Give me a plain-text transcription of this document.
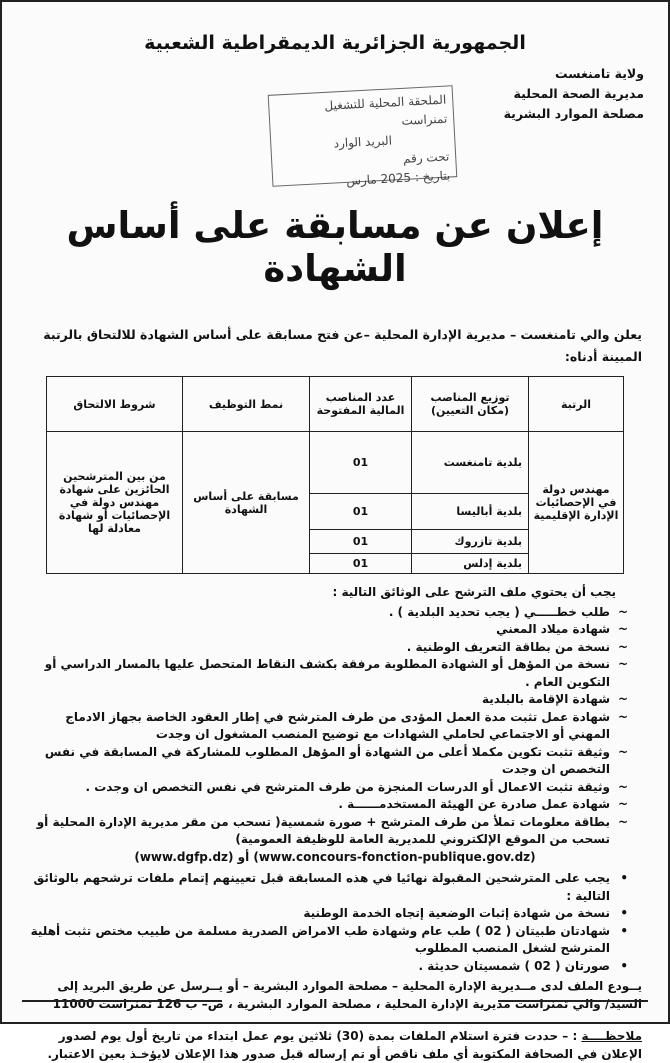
الجمهورية الجزائرية الديمقراطية الشعبية
ولاية تامنغست
مديرية الصحة المحلية
مصلحة الموارد البشرية
الملحقة المحلية للتشغيل تمنراست
البريد الوارد
تحت رقم
بتاريخ : 2025 مارس
إعلان عن مسابقة على أساس الشهادة
يعلن والي تامنغست – مديرية الإدارة المحلية –عن فتح مسابقة على أساس الشهادة للالتحاق بالرتبة المبينة أدناه:
الرتبة	توزيع المناصب (مكان التعيين)	عدد المناصب المالية المفتوحة	نمط التوظيف	شروط الالتحاق
مهندس دولة في الإحصائيات الإدارة الإقليمية	بلدية تامنغست	01	مسابقة على أساس الشهادة	من بين المترشحين الحائزين على شهادة مهندس دولة في الإحصائيات أو شهادة معادلة لها
	بلدية أباليسا	01		
	بلدية تازروك	01		
	بلدية إدلس	01		
يجب أن يحتوي ملف الترشح على الوثائق التالية :
~
طلب خطـــــي ( يجب تحديد البلدية ) .
~
شهادة ميلاد المعني
~
نسخة من بطاقة التعريف الوطنية .
~
نسخة من المؤهل أو الشهادة المطلوبة مرفقة بكشف النقاط المتحصل عليها بالمسار الدراسي أو التكوين العام .
~
شهادة الإقامة بالبلدية
~
شهادة عمل تثبت مدة العمل المؤدى من طرف المترشح في إطار العقود الخاصة بجهاز الادماج المهني أو الاجتماعي لحاملي الشهادات مع توضيح المنصب المشغول ان وجدت
~
وثيقة تثبت تكوين مكملا أعلى من الشهادة أو المؤهل المطلوب للمشاركة في المسابقة في نفس التخصص ان وجدت
~
وثيقة تثبت الاعمال أو الدرسات المنجزة من طرف المترشح في نفس التخصص ان وجدت .
~
شهادة عمل صادرة عن الهيئة المستخدمــــــة .
~
بطاقة معلومات تملأ من طرف المترشح + صورة شمسية( تسحب من مقر مديرية الإدارة المحلية أو تسحب من الموقع الإلكتروني للمديرية العامة للوظيفة العمومية)
(www.concours-fonction-publique.gov.dz) أو (www.dgfp.dz)
•
يجب على المترشحين المقبولة نهائيا في هذه المسابقة قبل تعيينهم إتمام ملفات ترشحهم بالوثائق التالية :
•
نسخة من شهادة إثبات الوضعية إتجاه الخدمة الوطنية
•
شهادتان طبيتان ( 02 ) طب عام وشهادة طب الامراض الصدرية مسلمة من طبيب مختص تثبت أهلية المترشح لشغل المنصب المطلوب
•
صورتان ( 02 ) شمسيتان حديثة .
يــودع الملف لدى مــديرية الإدارة المحلية – مصلحة الموارد البشرية – أو يــرسل عن طريق البريد إلى السيد/ والي تمنراست مديرية الإدارة المحلية ، مصلحة الموارد البشرية ، ص– ب 126 تمنراست 11000
ملاحظــــة : – حددت فترة استلام الملفات بمدة (30) ثلاثين يوم عمل ابتداء من تاريخ أول يوم لصدور الإعلان في الصحافة المكتوبة أي ملف ناقص أو تم إرساله قبل صدور هذا الإعلان لايؤخـذ بعين الاعتبار.
